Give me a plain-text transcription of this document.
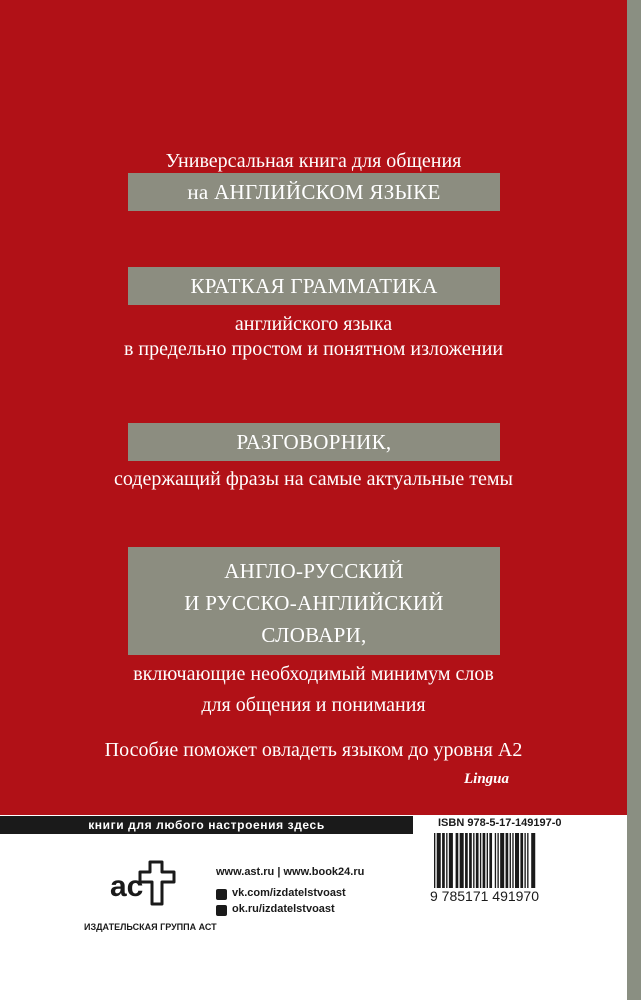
Универсальная книга для общения
на АНГЛИЙСКОМ ЯЗЫКЕ
КРАТКАЯ ГРАММАТИКА
английского языка
в предельно простом и понятном изложении
РАЗГОВОРНИК,
содержащий фразы на самые актуальные темы
АНГЛО-РУССКИЙ
И РУССКО-АНГЛИЙСКИЙ
СЛОВАРИ,
включающие необходимый минимум слов
для общения и понимания
Пособие поможет овладеть языком до уровня А2
Lingua
книги для любого настроения здесь
ac
ИЗДАТЕЛЬСКАЯ ГРУППА АСТ
www.ast.ru | www.book24.ru
vk.com/izdatelstvoast
ok.ru/izdatelstvoast
ISBN 978-5-17-149197-0
9 785171 491970
